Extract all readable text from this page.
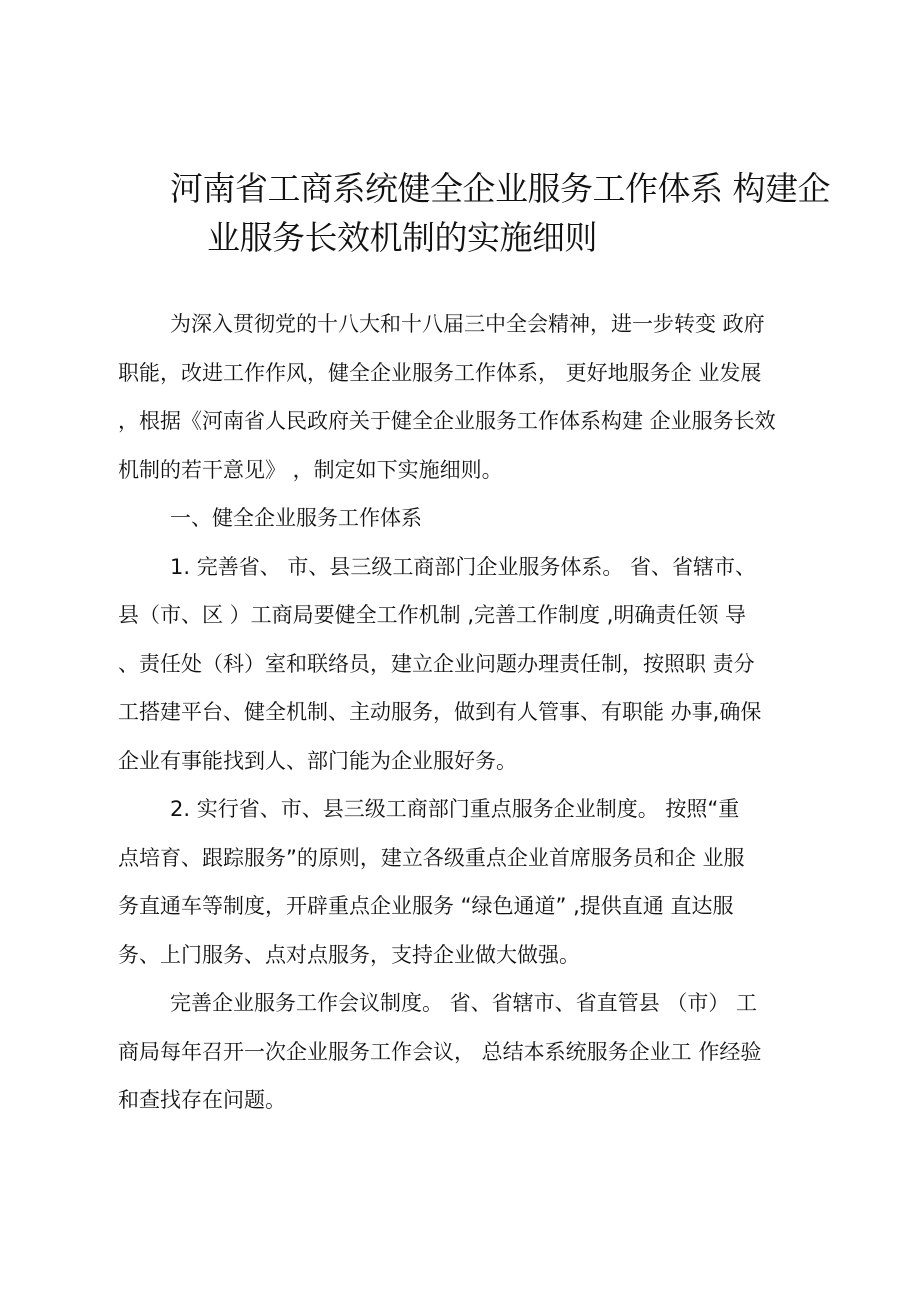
河南省工商系统健全企业服务工作体系 构建企
业服务长效机制的实施细则
为深入贯彻党的十八大和十八届三中全会精神，进一步转变 政府
职能，改进工作作风，健全企业服务工作体系， 更好地服务企 业发展
，根据《河南省人民政府关于健全企业服务工作体系构建 企业服务长效
机制的若干意见》 ，制定如下实施细则。
一、健全企业服务工作体系
1. 完善省、 市、县三级工商部门企业服务体系。 省、省辖市、
县（市、区 ）工商局要健全工作机制 ,完善工作制度 ,明确责任领 导
、责任处（科）室和联络员，建立企业问题办理责任制，按照职 责分
工搭建平台、健全机制、主动服务，做到有人管事、有职能 办事,确保
企业有事能找到人、部门能为企业服好务。
2. 实行省、市、县三级工商部门重点服务企业制度。 按照“重
点培育、跟踪服务”的原则，建立各级重点企业首席服务员和企 业服
务直通车等制度，开辟重点企业服务 “绿色通道” ,提供直通 直达服
务、上门服务、点对点服务，支持企业做大做强。
完善企业服务工作会议制度。 省、省辖市、省直管县 （市） 工
商局每年召开一次企业服务工作会议， 总结本系统服务企业工 作经验
和查找存在问题。
